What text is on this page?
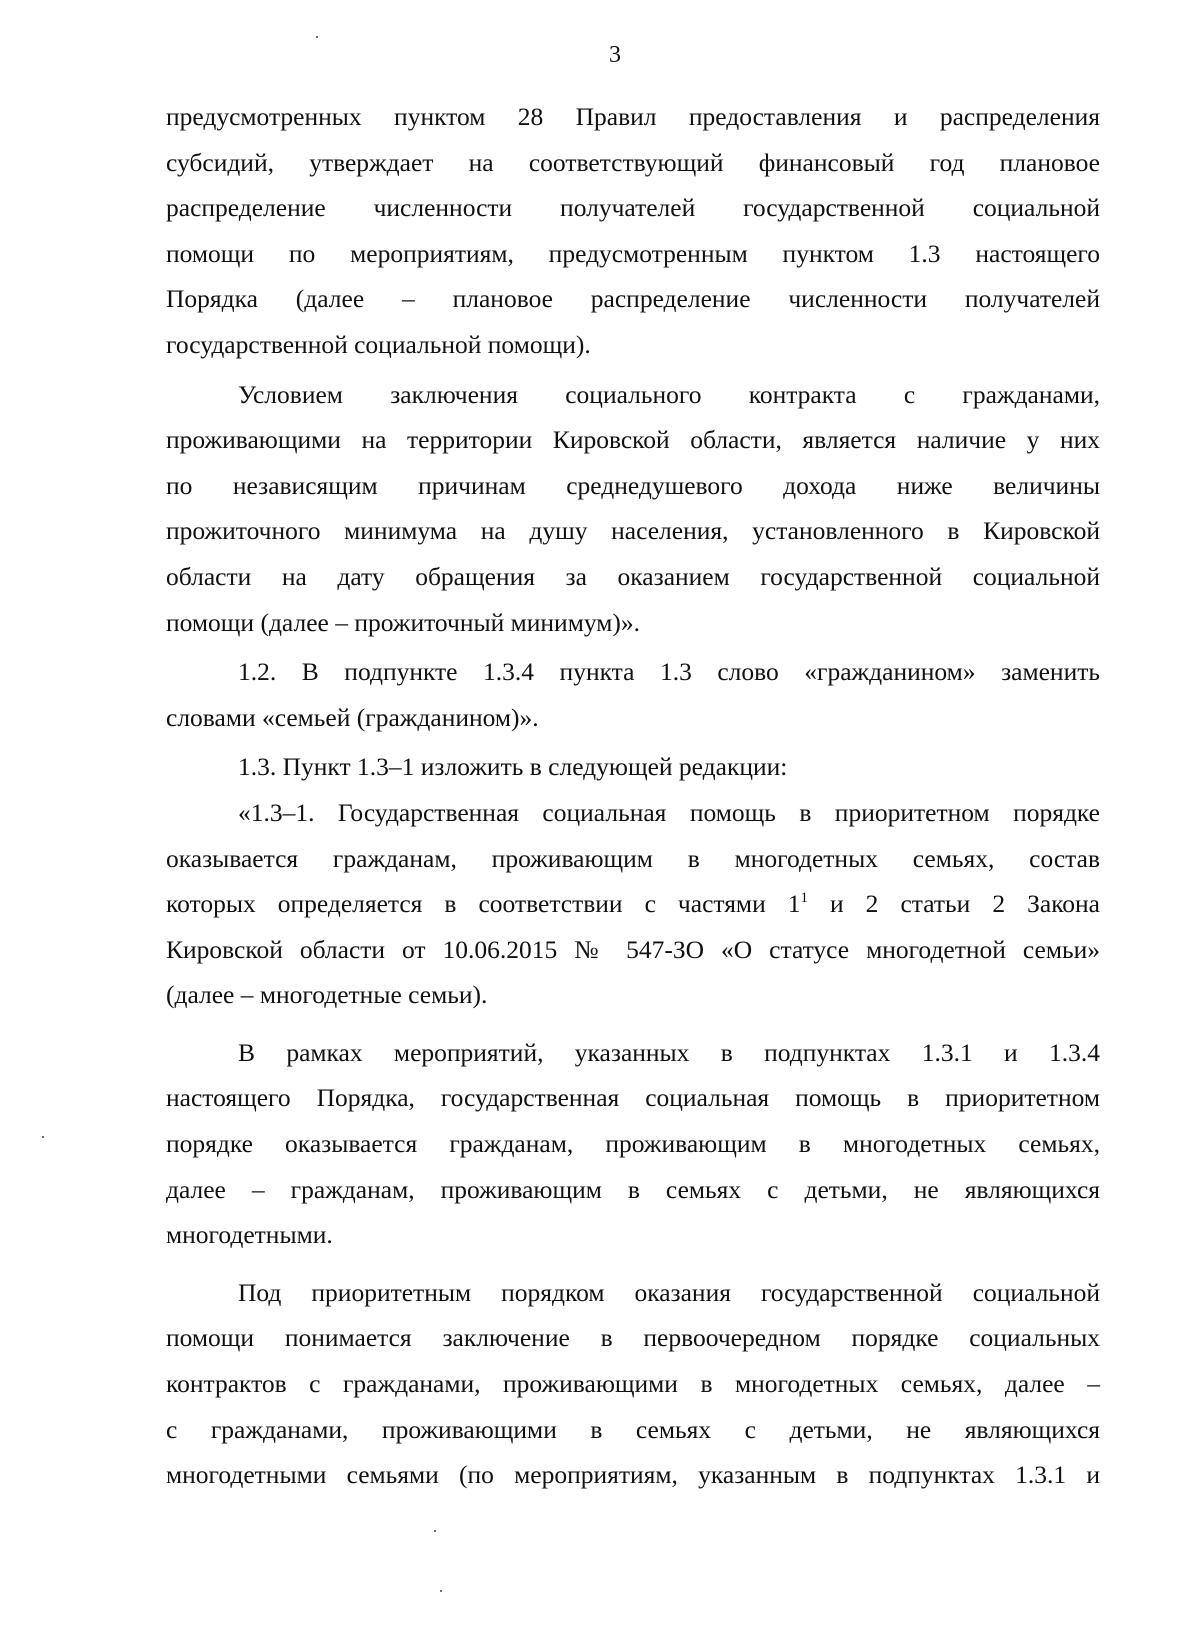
3

предусмотренных пунктом 28 Правил предоставления и распределения
субсидий, утверждает на соответствующий финансовый год плановое
распределение численности получателей государственной социальной
помощи по мероприятиям, предусмотренным пунктом 1.3 настоящего
Порядка (далее – плановое распределение численности получателей
государственной социальной помощи).

Условием заключения социального контракта с гражданами,
проживающими на территории Кировской области, является наличие у них
по независящим причинам среднедушевого дохода ниже величины
прожиточного минимума на душу населения, установленного в Кировской
области на дату обращения за оказанием государственной социальной
помощи (далее – прожиточный минимум)».

1.2. В подпункте 1.3.4 пункта 1.3 слово «гражданином» заменить
словами «семьей (гражданином)».

1.3. Пункт 1.3–1 изложить в следующей редакции:

«1.3–1. Государственная социальная помощь в приоритетном порядке
оказывается гражданам, проживающим в многодетных семьях, состав
которых определяется в соответствии с частями $1^1$ и 2 статьи 2 Закона
Кировской области от 10.06.2015 № 547-ЗО «О статусе многодетной семьи»
(далее – многодетные семьи).

В рамках мероприятий, указанных в подпунктах 1.3.1 и 1.3.4
настоящего Порядка, государственная социальная помощь в приоритетном
порядке оказывается гражданам, проживающим в многодетных семьях,
далее – гражданам, проживающим в семьях с детьми, не являющихся
многодетными.

Под приоритетным порядком оказания государственной социальной
помощи понимается заключение в первоочередном порядке социальных
контрактов с гражданами, проживающими в многодетных семьях, далее –
с гражданами, проживающими в семьях с детьми, не являющихся
многодетными семьями (по мероприятиям, указанным в подпунктах 1.3.1 и
